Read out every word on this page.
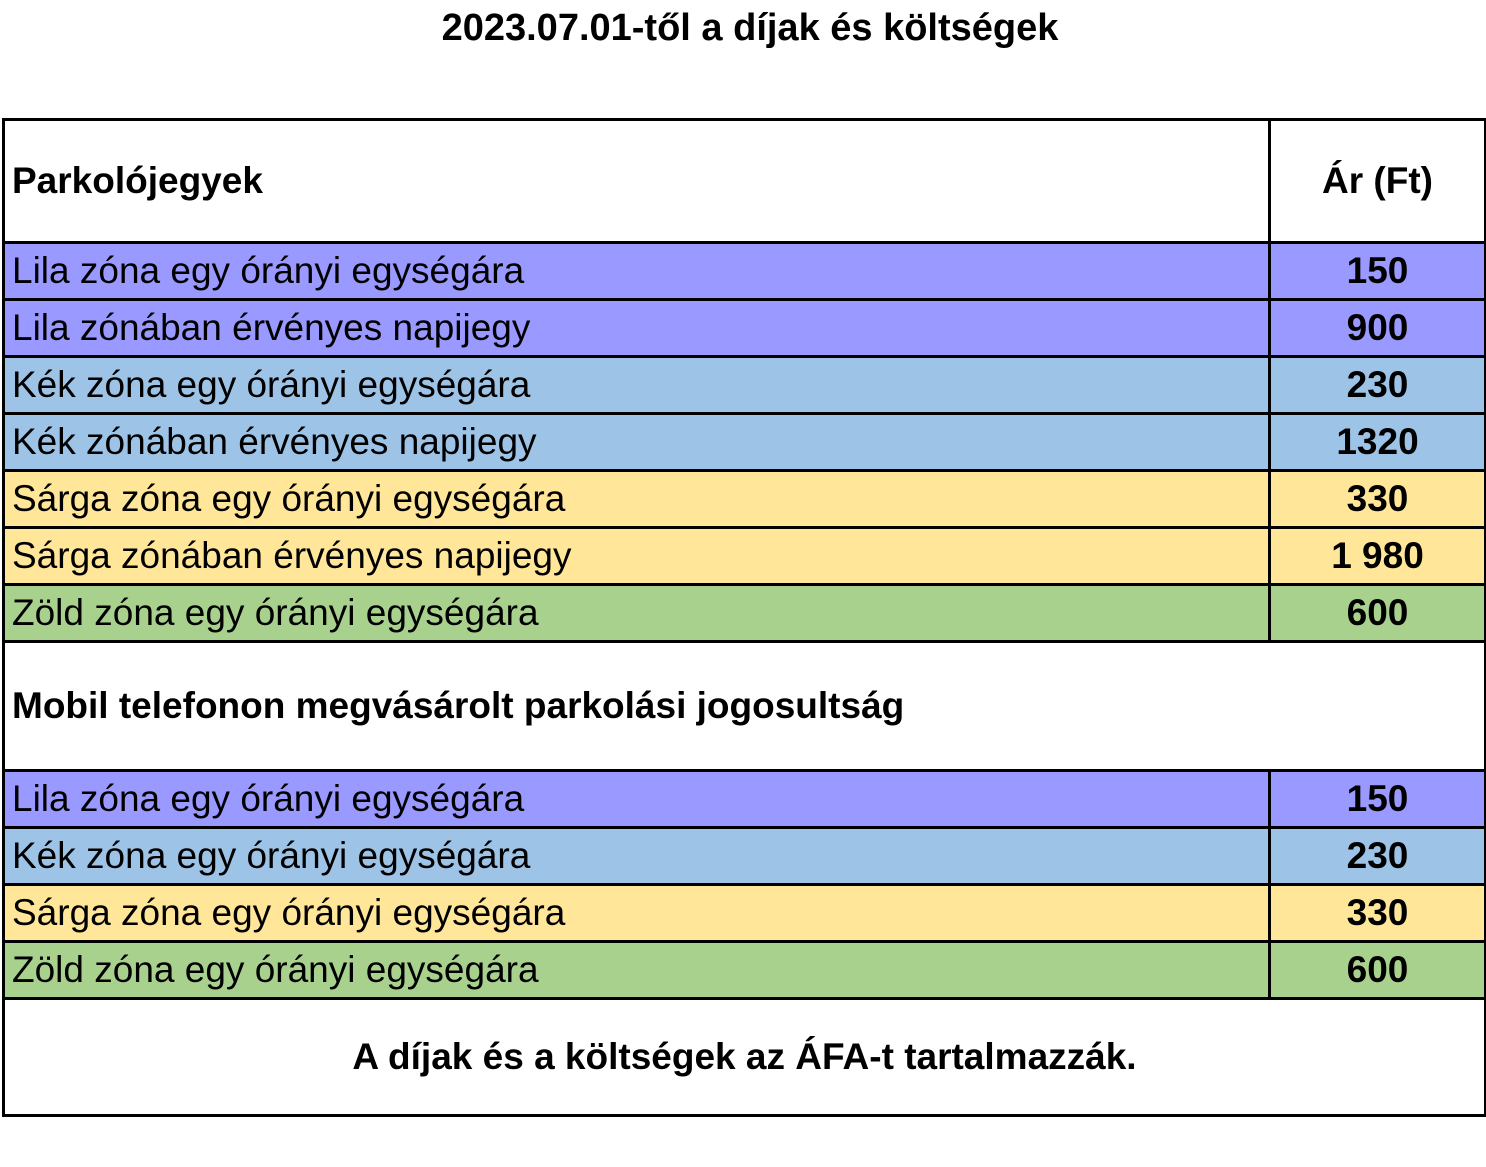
2023.07.01-től a díjak és költségek
Parkolójegyek	Ár (Ft)
Lila zóna egy órányi egységára	150
Lila zónában érvényes napijegy	900
Kék zóna egy órányi egységára	230
Kék zónában érvényes napijegy	1320
Sárga zóna egy órányi egységára	330
Sárga zónában érvényes napijegy	1 980
Zöld zóna egy órányi egységára	600
Mobil telefonon megvásárolt parkolási jogosultság	
Lila zóna egy órányi egységára	150
Kék zóna egy órányi egységára	230
Sárga zóna egy órányi egységára	330
Zöld zóna egy órányi egységára	600
A díjak és a költségek az ÁFA-t tartalmazzák.	
